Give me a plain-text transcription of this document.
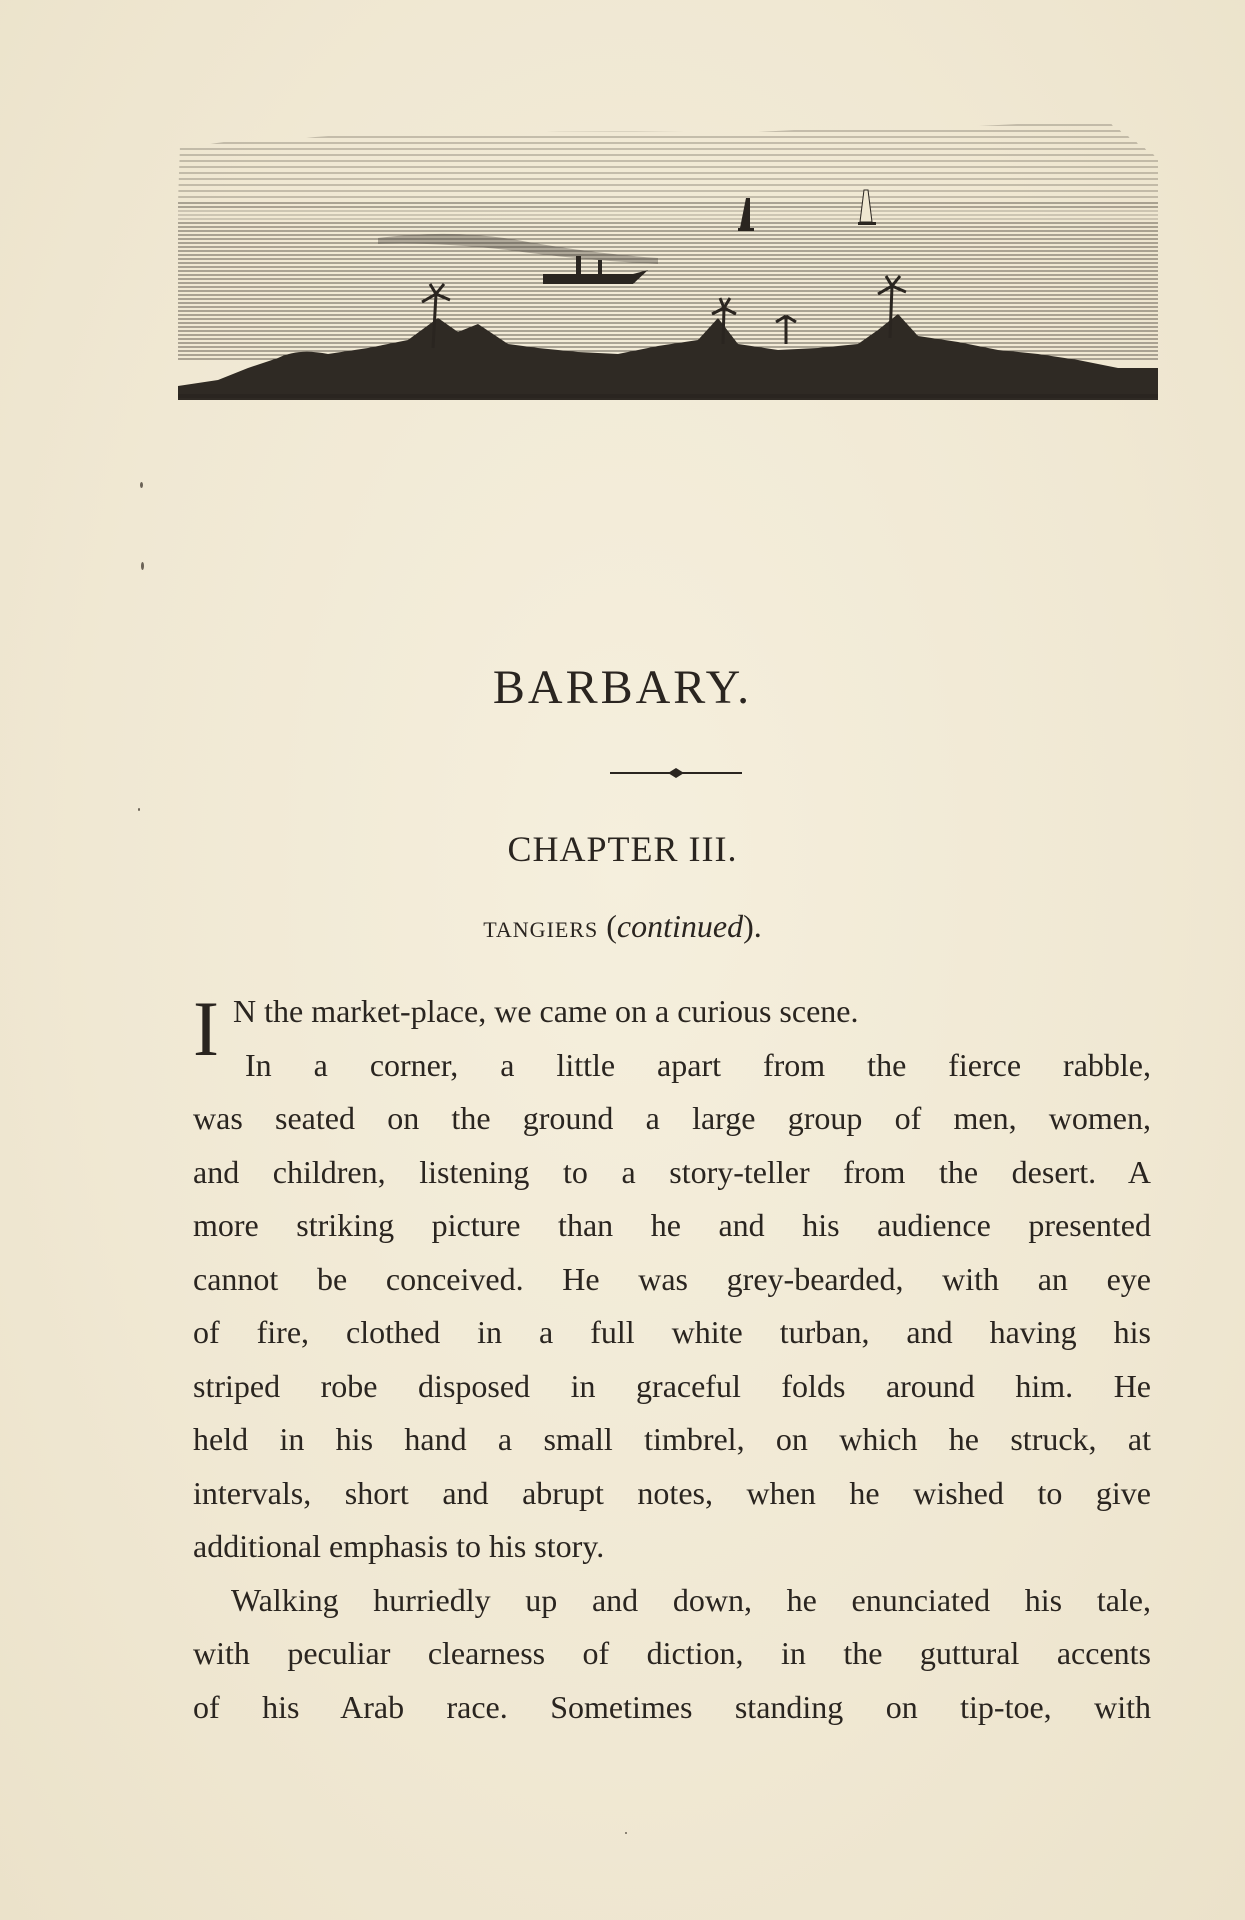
BARBARY.
CHAPTER III.
TANGIERS (continued).
I N the market-place, we came on a curious scene.
In a corner, a little apart from the fierce rabble,
was seated on the ground a large group of men, women,
and children, listening to a story-teller from the desert. A
more striking picture than he and his audience presented
cannot be conceived. He was grey-bearded, with an eye
of fire, clothed in a full white turban, and having his
striped robe disposed in graceful folds around him. He
held in his hand a small timbrel, on which he struck, at
intervals, short and abrupt notes, when he wished to give
additional emphasis to his story.
Walking hurriedly up and down, he enunciated his tale,
with peculiar clearness of diction, in the guttural accents
of his Arab race. Sometimes standing on tip-toe, with
